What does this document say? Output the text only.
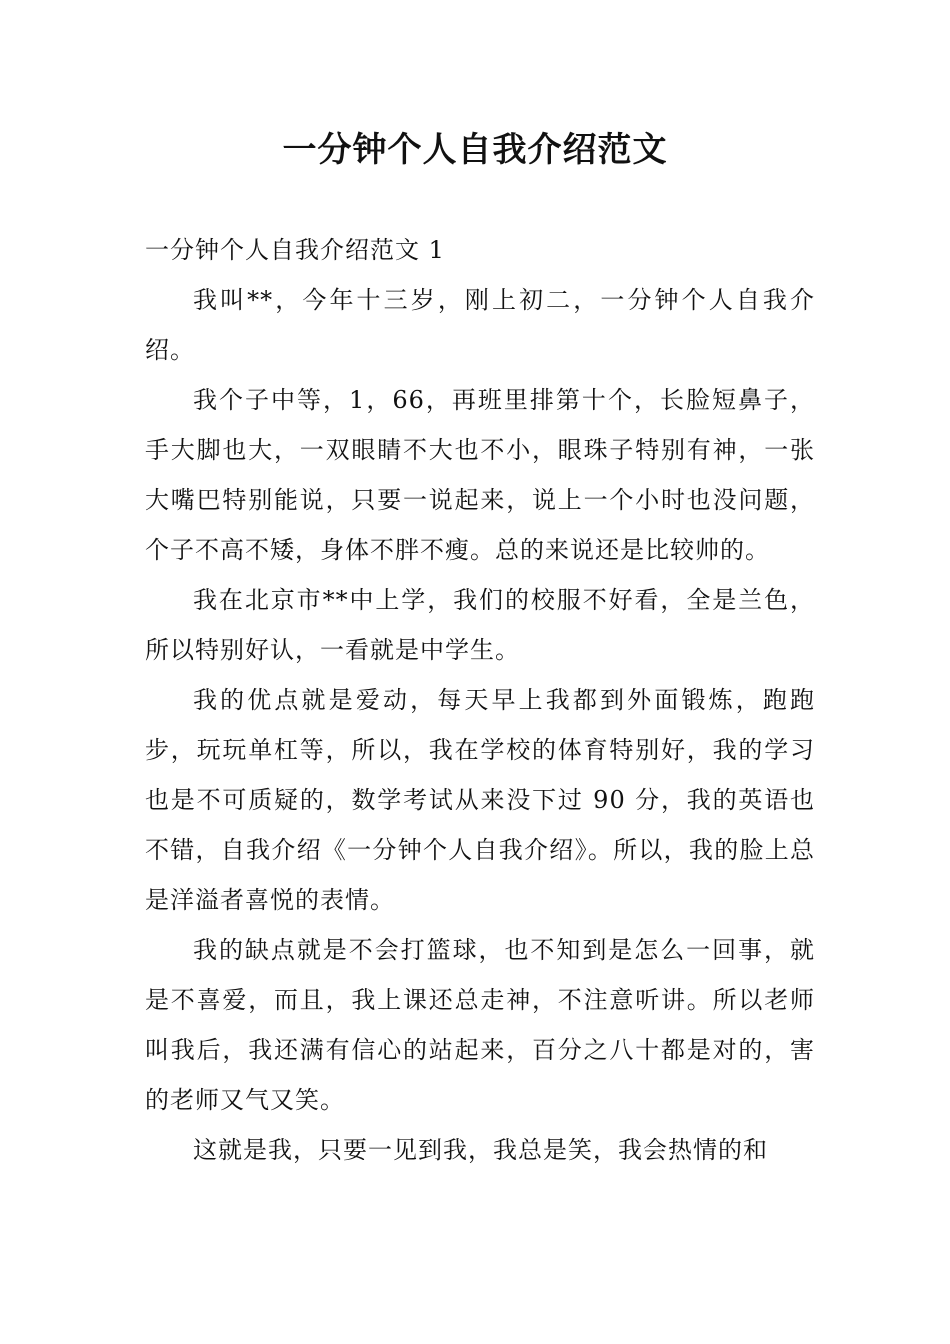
一分钟个人自我介绍范文

一分钟个人自我介绍范文 1

我叫**，今年十三岁，刚上初二，一分钟个人自我介绍。

我个子中等，1，66，再班里排第十个，长脸短鼻子，手大脚也大，一双眼睛不大也不小，眼珠子特别有神，一张大嘴巴特别能说，只要一说起来，说上一个小时也没问题，个子不高不矮，身体不胖不瘦。总的来说还是比较帅的。

我在北京市**中上学，我们的校服不好看，全是兰色，所以特别好认，一看就是中学生。

我的优点就是爱动，每天早上我都到外面锻炼，跑跑步，玩玩单杠等，所以，我在学校的体育特别好，我的学习也是不可质疑的，数学考试从来没下过 90 分，我的英语也不错，自我介绍《一分钟个人自我介绍》。所以，我的脸上总是洋溢者喜悦的表情。

我的缺点就是不会打篮球，也不知到是怎么一回事，就是不喜爱，而且，我上课还总走神，不注意听讲。所以老师叫我后，我还满有信心的站起来，百分之八十都是对的，害的老师又气又笑。

这就是我，只要一见到我，我总是笑，我会热情的和
